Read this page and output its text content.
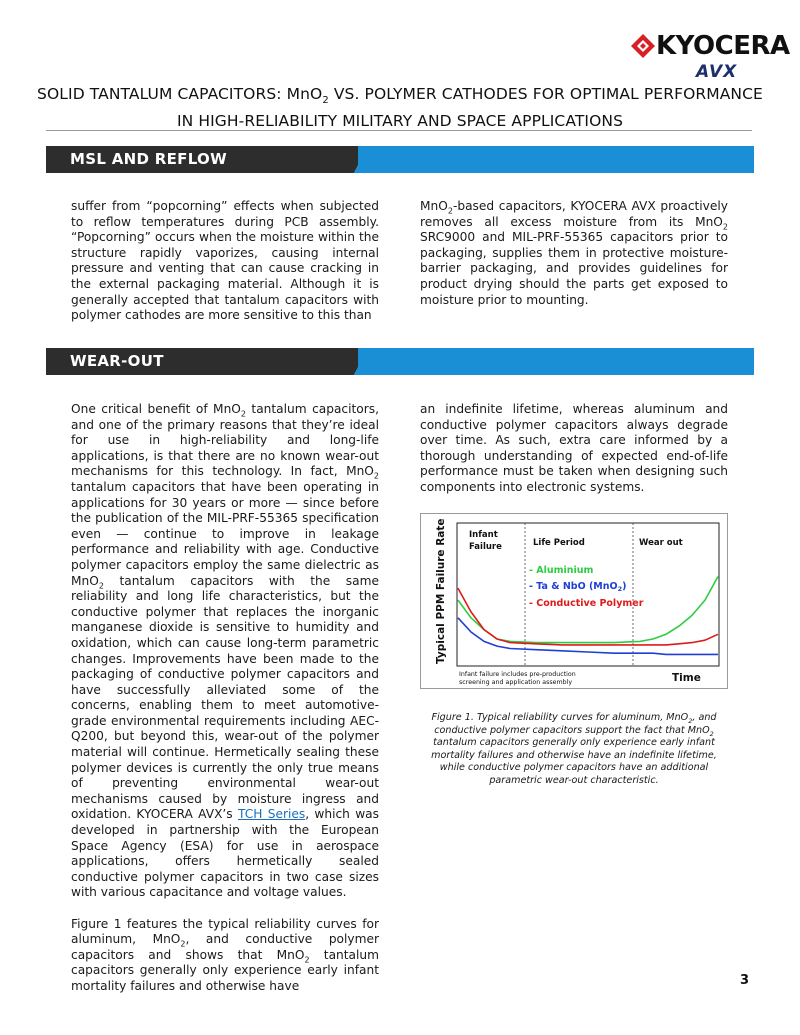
KYOCERA
AVX
SOLID TANTALUM CAPACITORS: MnO$_2$ VS. POLYMER CATHODES FOR OPTIMAL PERFORMANCE
IN HIGH-RELIABILITY MILITARY AND SPACE APPLICATIONS
MSL AND REFLOW

suffer from “popcorning” effects when subjected to reflow temperatures during PCB assembly. “Popcorning” occurs when the moisture within the structure rapidly vaporizes, causing internal pressure and venting that can cause cracking in the external packaging material. Although it is generally accepted that tantalum capacitors with polymer cathodes are more sensitive to this than

MnO$_2$-based capacitors, KYOCERA AVX proactively removes all excess moisture from its MnO$_2$ SRC9000 and MIL-PRF-55365 capacitors prior to packaging, supplies them in protective moisture-barrier packaging, and provides guidelines for product drying should the parts get exposed to moisture prior to mounting.

WEAR-OUT

One critical benefit of MnO$_2$ tantalum capacitors, and one of the primary reasons that they’re ideal for use in high-reliability and long-life applications, is that there are no known wear-out mechanisms for this technology. In fact, MnO$_2$ tantalum capacitors that have been operating in applications for 30 years or more — since before the publication of the MIL-PRF-55365 specification even — continue to improve in leakage performance and reliability with age. Conductive polymer capacitors employ the same dielectric as MnO$_2$ tantalum capacitors with the same reliability and long life characteristics, but the conductive polymer that replaces the inorganic manganese dioxide is sensitive to humidity and oxidation, which can cause long-term parametric changes. Improvements have been made to the packaging of conductive polymer capacitors and have successfully alleviated some of the concerns, enabling them to meet automotive-grade environmental requirements including AEC-Q200, but beyond this, wear-out of the polymer material will continue. Hermetically sealing these polymer devices is currently the only true means of preventing environmental wear-out mechanisms caused by moisture ingress and oxidation. KYOCERA AVX’s TCH Series, which was developed in partnership with the European Space Agency (ESA) for use in aerospace applications, offers hermetically sealed conductive polymer capacitors in two case sizes with various capacitance and voltage values.

Figure 1 features the typical reliability curves for aluminum, MnO$_2$, and conductive polymer capacitors and shows that MnO$_2$ tantalum capacitors generally only experience early infant mortality failures and otherwise have

an indefinite lifetime, whereas aluminum and conductive polymer capacitors always degrade over time. As such, extra care informed by a thorough understanding of expected end-of-life performance must be taken when designing such components into electronic systems.

Typical PPM Failure Rate	Infant
Failure	Life Period	Wear out
- Aluminium
- Ta & NbO (MnO$_2$)
- Conductive Polymer
Infant failure includes pre-production
screening and application assembly	Time
Figure 1. Typical reliability curves for aluminum, MnO$_2$, and conductive polymer capacitors support the fact that MnO$_2$ tantalum capacitors generally only experience early infant mortality failures and otherwise have an indefinite lifetime, while conductive polymer capacitors have an additional parametric wear-out characteristic.
3
